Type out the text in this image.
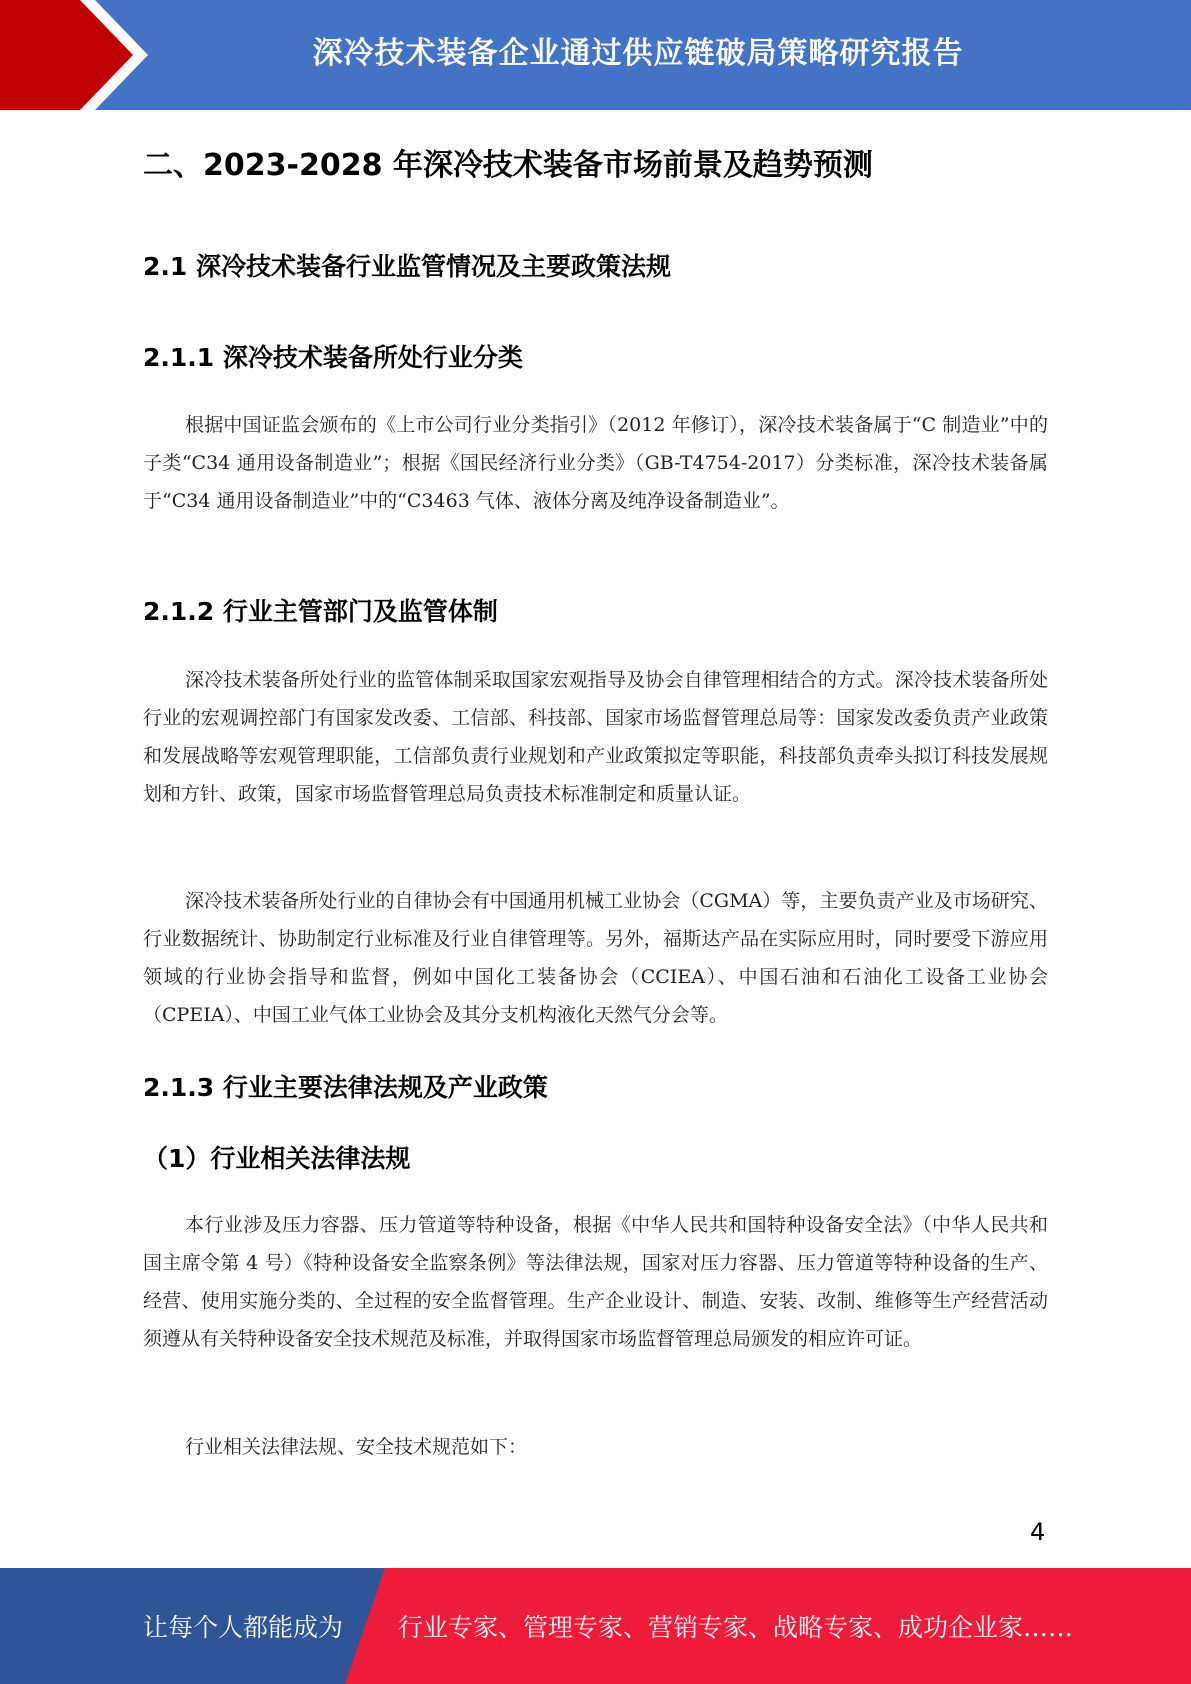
深冷技术装备企业通过供应链破局策略研究报告
二、2023-2028 年深冷技术装备市场前景及趋势预测
2.1 深冷技术装备行业监管情况及主要政策法规
2.1.1 深冷技术装备所处行业分类

根据中国证监会颁布的《上市公司行业分类指引》（2012 年修订），深冷技术装备属于“C 制造业”中的子类“C34 通用设备制造业”；根据《国民经济行业分类》（GB-T4754-2017）分类标准，深冷技术装备属于“C34 通用设备制造业”中的“C3463 气体、液体分离及纯净设备制造业”。

2.1.2 行业主管部门及监管体制

深冷技术装备所处行业的监管体制采取国家宏观指导及协会自律管理相结合的方式。深冷技术装备所处行业的宏观调控部门有国家发改委、工信部、科技部、国家市场监督管理总局等：国家发改委负责产业政策和发展战略等宏观管理职能，工信部负责行业规划和产业政策拟定等职能，科技部负责牵头拟订科技发展规划和方针、政策，国家市场监督管理总局负责技术标准制定和质量认证。

深冷技术装备所处行业的自律协会有中国通用机械工业协会（CGMA）等，主要负责产业及市场研究、行业数据统计、协助制定行业标准及行业自律管理等。另外，福斯达产品在实际应用时，同时要受下游应用领域的行业协会指导和监督，例如中国化工装备协会（CCIEA）、中国石油和石油化工设备工业协会（CPEIA）、中国工业气体工业协会及其分支机构液化天然气分会等。

2.1.3 行业主要法律法规及产业政策
（1）行业相关法律法规

本行业涉及压力容器、压力管道等特种设备，根据《中华人民共和国特种设备安全法》（中华人民共和国主席令第 4 号）《特种设备安全监察条例》等法律法规，国家对压力容器、压力管道等特种设备的生产、经营、使用实施分类的、全过程的安全监督管理。生产企业设计、制造、安装、改制、维修等生产经营活动须遵从有关特种设备安全技术规范及标准，并取得国家市场监督管理总局颁发的相应许可证。

行业相关法律法规、安全技术规范如下：

4
让每个人都能成为 行业专家、管理专家、营销专家、战略专家、成功企业家……
